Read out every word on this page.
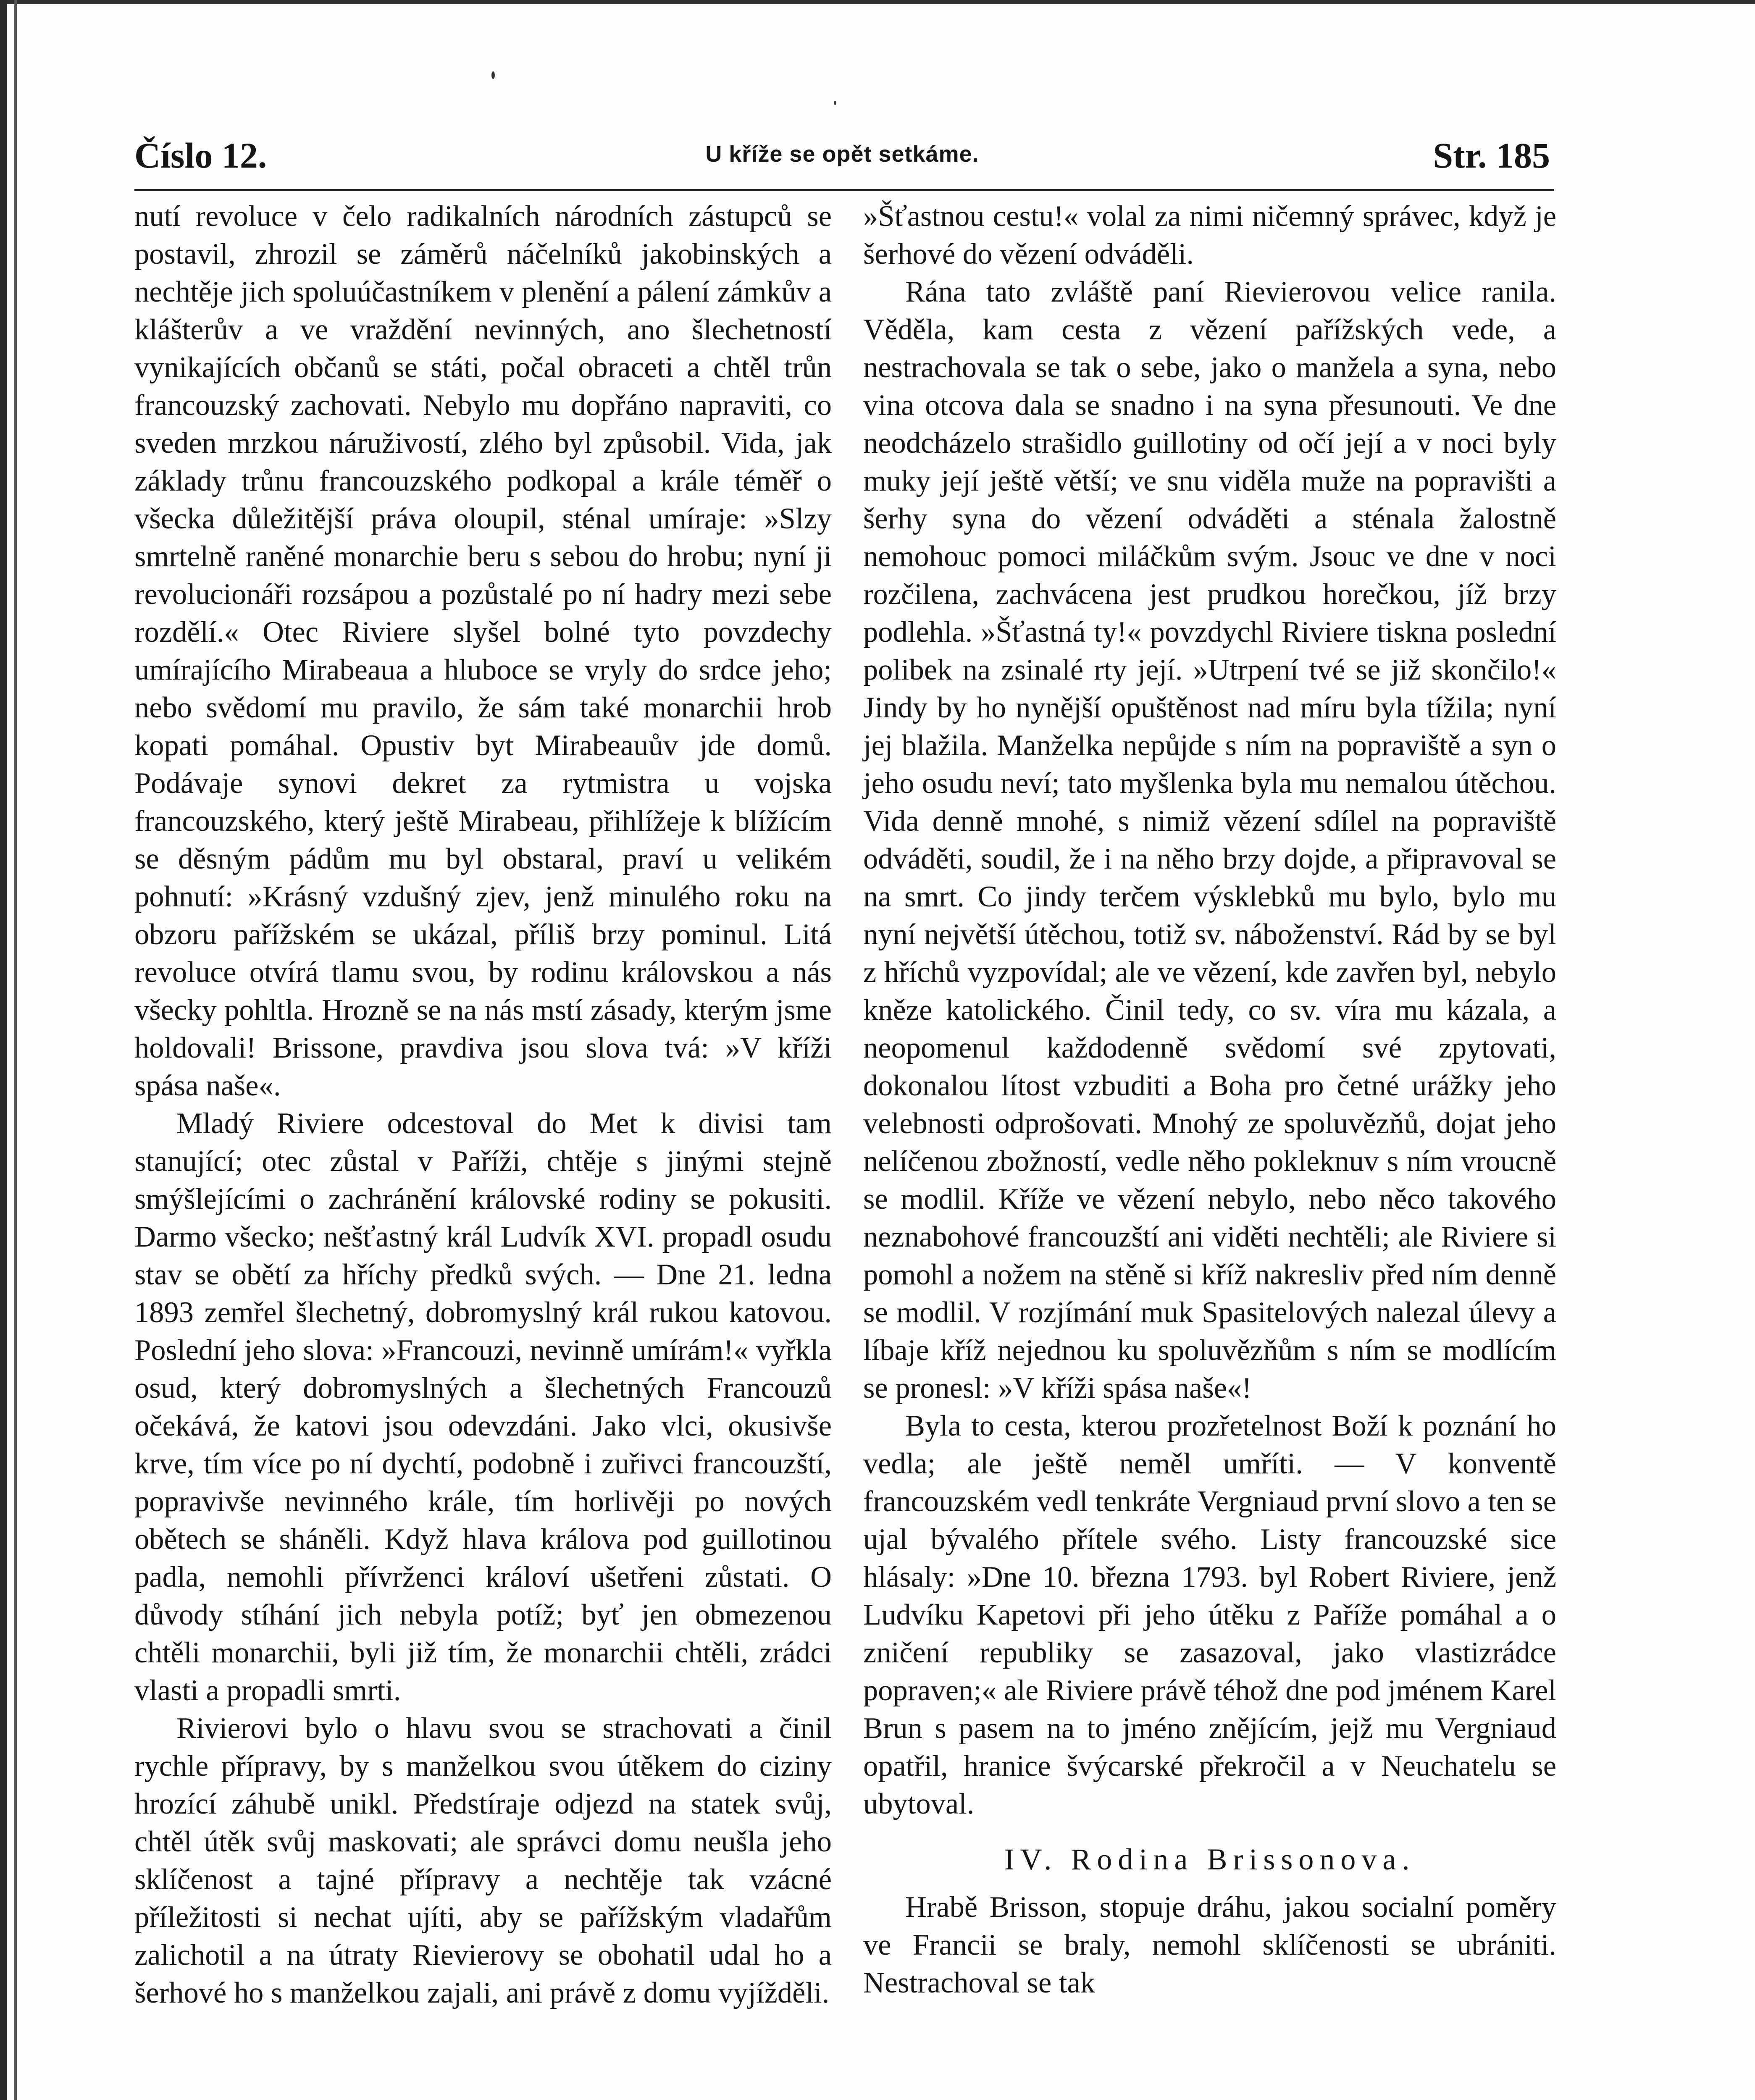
Číslo 12.	U kříže se opět setkáme.	Str. 185

nutí revoluce v čelo radikalních národních zástupců se postavil, zhrozil se záměrů náčelníků jakobinských a nechtěje jich spoluúčastníkem v plenění a pálení zámkův a klášterův a ve vraždění nevinných, ano šlechetností vynikajících občanů se státi, počal obraceti a chtěl trůn francouzský zachovati. Nebylo mu dopřáno napraviti, co sveden mrzkou náruživostí, zlého byl způsobil. Vida, jak základy trůnu francouzského podkopal a krále téměř o všecka důležitější práva oloupil, sténal umíraje: »Slzy smrtelně raněné monarchie beru s sebou do hrobu; nyní ji revolucionáři rozsápou a pozůstalé po ní hadry mezi sebe rozdělí.« Otec Riviere slyšel bolné tyto povzdechy umírajícího Mirabeaua a hluboce se vryly do srdce jeho; nebo svědomí mu pravilo, že sám také monarchii hrob kopati pomáhal. Opustiv byt Mirabeauův jde domů. Podávaje synovi dekret za rytmistra u vojska francouzského, který ještě Mirabeau, přihlížeje k blížícím se děsným pádům mu byl obstaral, praví u velikém pohnutí: »Krásný vzdušný zjev, jenž minulého roku na obzoru pařížském se ukázal, příliš brzy pominul. Litá revoluce otvírá tlamu svou, by rodinu královskou a nás všecky pohltla. Hrozně se na nás mstí zásady, kterým jsme holdovali! Brissone, pravdiva jsou slova tvá: »V kříži spása naše«.

Mladý Riviere odcestoval do Met k divisi tam stanující; otec zůstal v Paříži, chtěje s jinými stejně smýšlejícími o zachránění královské rodiny se pokusiti. Darmo všecko; nešťastný král Ludvík XVI. propadl osudu stav se obětí za hříchy předků svých. — Dne 21. ledna 1893 zemřel šlechetný, dobromyslný král rukou katovou. Poslední jeho slova: »Francouzi, nevinně umírám!« vyřkla osud, který dobromyslných a šlechetných Francouzů očekává, že katovi jsou odevzdáni. Jako vlci, okusivše krve, tím více po ní dychtí, podobně i zuřivci francouzští, popravivše nevinného krále, tím horlivěji po nových obětech se sháněli. Když hlava králova pod guillotinou padla, nemohli přívrženci královí ušetřeni zůstati. O důvody stíhání jich nebyla potíž; byť jen obmezenou chtěli monarchii, byli již tím, že monarchii chtěli, zrádci vlasti a propadli smrti.

Rivierovi bylo o hlavu svou se strachovati a činil rychle přípravy, by s manželkou svou útěkem do ciziny hrozící záhubě unikl. Předstíraje odjezd na statek svůj, chtěl útěk svůj maskovati; ale správci domu neušla jeho sklíčenost a tajné přípravy a nechtěje tak vzácné příležitosti si nechat ujíti, aby se pařížským vladařům zalichotil a na útraty Rievierovy se obohatil udal ho a šerhové ho s manželkou zajali, ani právě z domu vyjížděli.

»Šťastnou cestu!« volal za nimi ničemný správec, když je šerhové do vězení odváděli.

Rána tato zvláště paní Rievierovou velice ranila. Věděla, kam cesta z vězení pařížských vede, a nestrachovala se tak o sebe, jako o manžela a syna, nebo vina otcova dala se snadno i na syna přesunouti. Ve dne neodcházelo strašidlo guillotiny od očí její a v noci byly muky její ještě větší; ve snu viděla muže na popravišti a šerhy syna do vězení odváděti a sténala žalostně nemohouc pomoci miláčkům svým. Jsouc ve dne v noci rozčilena, zachvácena jest prudkou horečkou, jíž brzy podlehla. »Šťastná ty!« povzdychl Riviere tiskna poslední polibek na zsinalé rty její. »Utrpení tvé se již skončilo!« Jindy by ho nynější opuštěnost nad míru byla tížila; nyní jej blažila. Manželka nepůjde s ním na popraviště a syn o jeho osudu neví; tato myšlenka byla mu nemalou útěchou. Vida denně mnohé, s nimiž vězení sdílel na popraviště odváděti, soudil, že i na něho brzy dojde, a připravoval se na smrt. Co jindy terčem výsklebků mu bylo, bylo mu nyní největší útěchou, totiž sv. náboženství. Rád by se byl z hříchů vyzpovídal; ale ve vězení, kde zavřen byl, nebylo kněze katolického. Činil tedy, co sv. víra mu kázala, a neopomenul každodenně svědomí své zpytovati, dokonalou lítost vzbuditi a Boha pro četné urážky jeho velebnosti odprošovati. Mnohý ze spoluvězňů, dojat jeho nelíčenou zbožností, vedle něho pokleknuv s ním vroucně se modlil. Kříže ve vězení nebylo, nebo něco takového neznabohové francouzští ani viděti nechtěli; ale Riviere si pomohl a nožem na stěně si kříž nakresliv před ním denně se modlil. V rozjímání muk Spasitelových nalezal úlevy a líbaje kříž nejednou ku spoluvězňům s ním se modlícím se pronesl: »V kříži spása naše«!

Byla to cesta, kterou prozřetelnost Boží k poznání ho vedla; ale ještě neměl umříti. — V konventě francouzském vedl tenkráte Vergniaud první slovo a ten se ujal bývalého přítele svého. Listy francouzské sice hlásaly: »Dne 10. března 1793. byl Robert Riviere, jenž Ludvíku Kapetovi při jeho útěku z Paříže pomáhal a o zničení republiky se zasazoval, jako vlastizrádce popraven;« ale Riviere právě téhož dne pod jménem Karel Brun s pasem na to jméno znějícím, jejž mu Vergniaud opatřil, hranice švýcarské překročil a v Neuchatelu se ubytoval.

IV. Rodina Brissonova.

Hrabě Brisson, stopuje dráhu, jakou socialní poměry ve Francii se braly, nemohl sklíčenosti se ubrániti. Nestrachoval se tak
